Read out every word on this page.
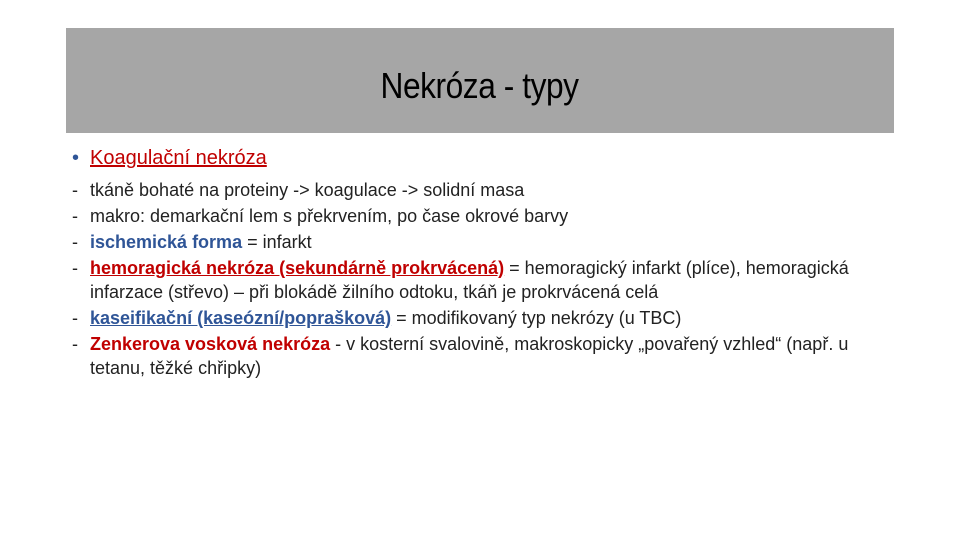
Nekróza - typy
• Koagulační nekróza
- tkáně bohaté na proteiny -> koagulace -> solidní masa
- makro: demarkační lem s překrvením, po čase okrové barvy
- ischemická forma = infarkt
- hemoragická nekróza (sekundárně prokrvácená) = hemoragický infarkt (plíce), hemoragická infarzace (střevo) – při blokádě žilního odtoku, tkáň je prokrvácená celá
- kaseifikační (kaseózní/poprašková) = modifikovaný typ nekrózy (u TBC)
- Zenkerova vosková nekróza - v kosterní svalovině, makroskopicky „povařený vzhled“ (např. u tetanu, těžké chřipky)
